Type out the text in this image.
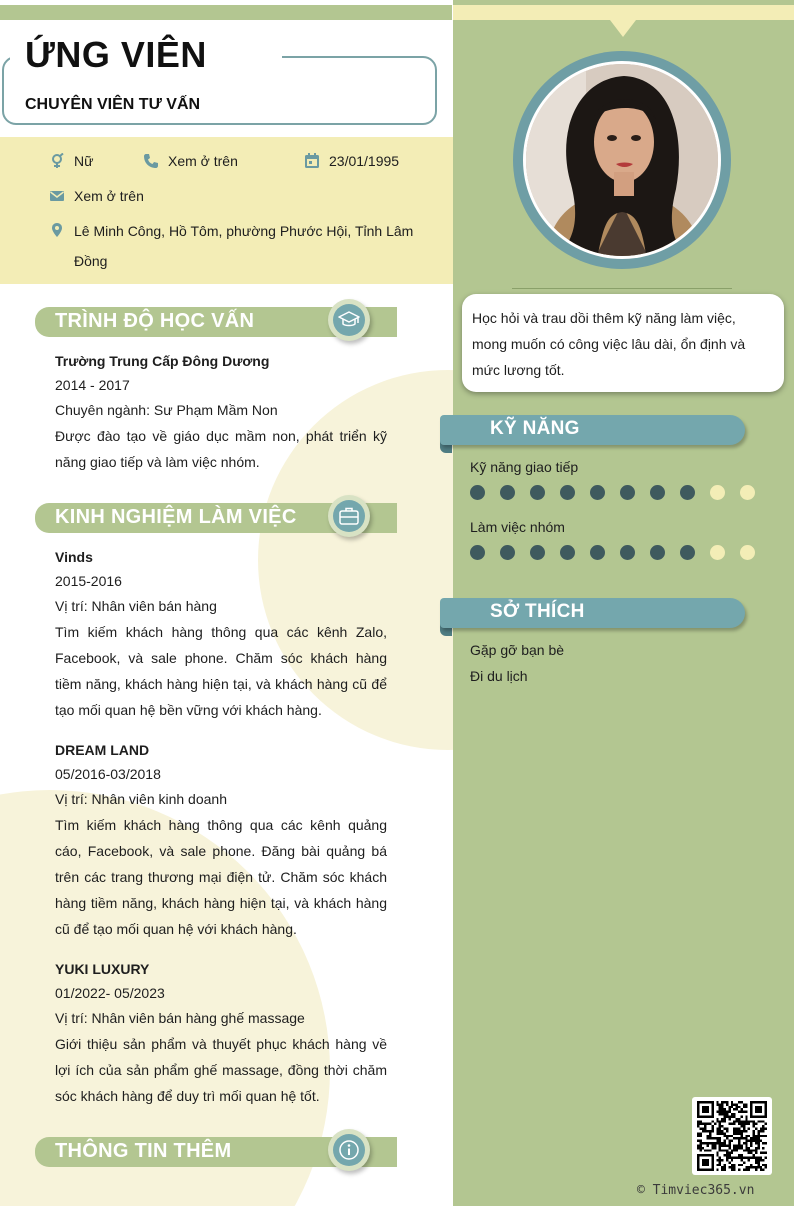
ỨNG VIÊN
CHUYÊN VIÊN TƯ VẤN
Nữ	Xem ở trên	23/01/1995
Xem ở trên
Lê Minh Công, Hồ Tôm, phường Phước Hội, Tỉnh Lâm Đồng
TRÌNH ĐỘ HỌC VẤN
Trường Trung Cấp Đông Dương
2014 - 2017
Chuyên ngành: Sư Phạm Mầm Non
Được đào tạo về giáo dục mầm non, phát triển kỹ năng giao tiếp và làm việc nhóm.
KINH NGHIỆM LÀM VIỆC
Vinds
2015-2016
Vị trí: Nhân viên bán hàng
Tìm kiếm khách hàng thông qua các kênh Zalo, Facebook, và sale phone. Chăm sóc khách hàng tiềm năng, khách hàng hiện tại, và khách hàng cũ để tạo mối quan hệ bền vững với khách hàng.
DREAM LAND
05/2016-03/2018
Vị trí: Nhân viên kinh doanh
Tìm kiếm khách hàng thông qua các kênh quảng cáo, Facebook, và sale phone. Đăng bài quảng bá trên các trang thương mại điện tử. Chăm sóc khách hàng tiềm năng, khách hàng hiện tại, và khách hàng cũ để tạo mối quan hệ với khách hàng.
YUKI LUXURY
01/2022- 05/2023
Vị trí: Nhân viên bán hàng ghế massage
Giới thiệu sản phẩm và thuyết phục khách hàng về lợi ích của sản phẩm ghế massage, đồng thời chăm sóc khách hàng để duy trì mối quan hệ tốt.
THÔNG TIN THÊM
Học hỏi và trau dồi thêm kỹ năng làm việc, mong muốn có công việc lâu dài, ổn định và mức lương tốt.
KỸ NĂNG
Kỹ năng giao tiếp
Làm việc nhóm
SỞ THÍCH
Gặp gỡ bạn bè
Đi du lịch
© Timviec365.vn
